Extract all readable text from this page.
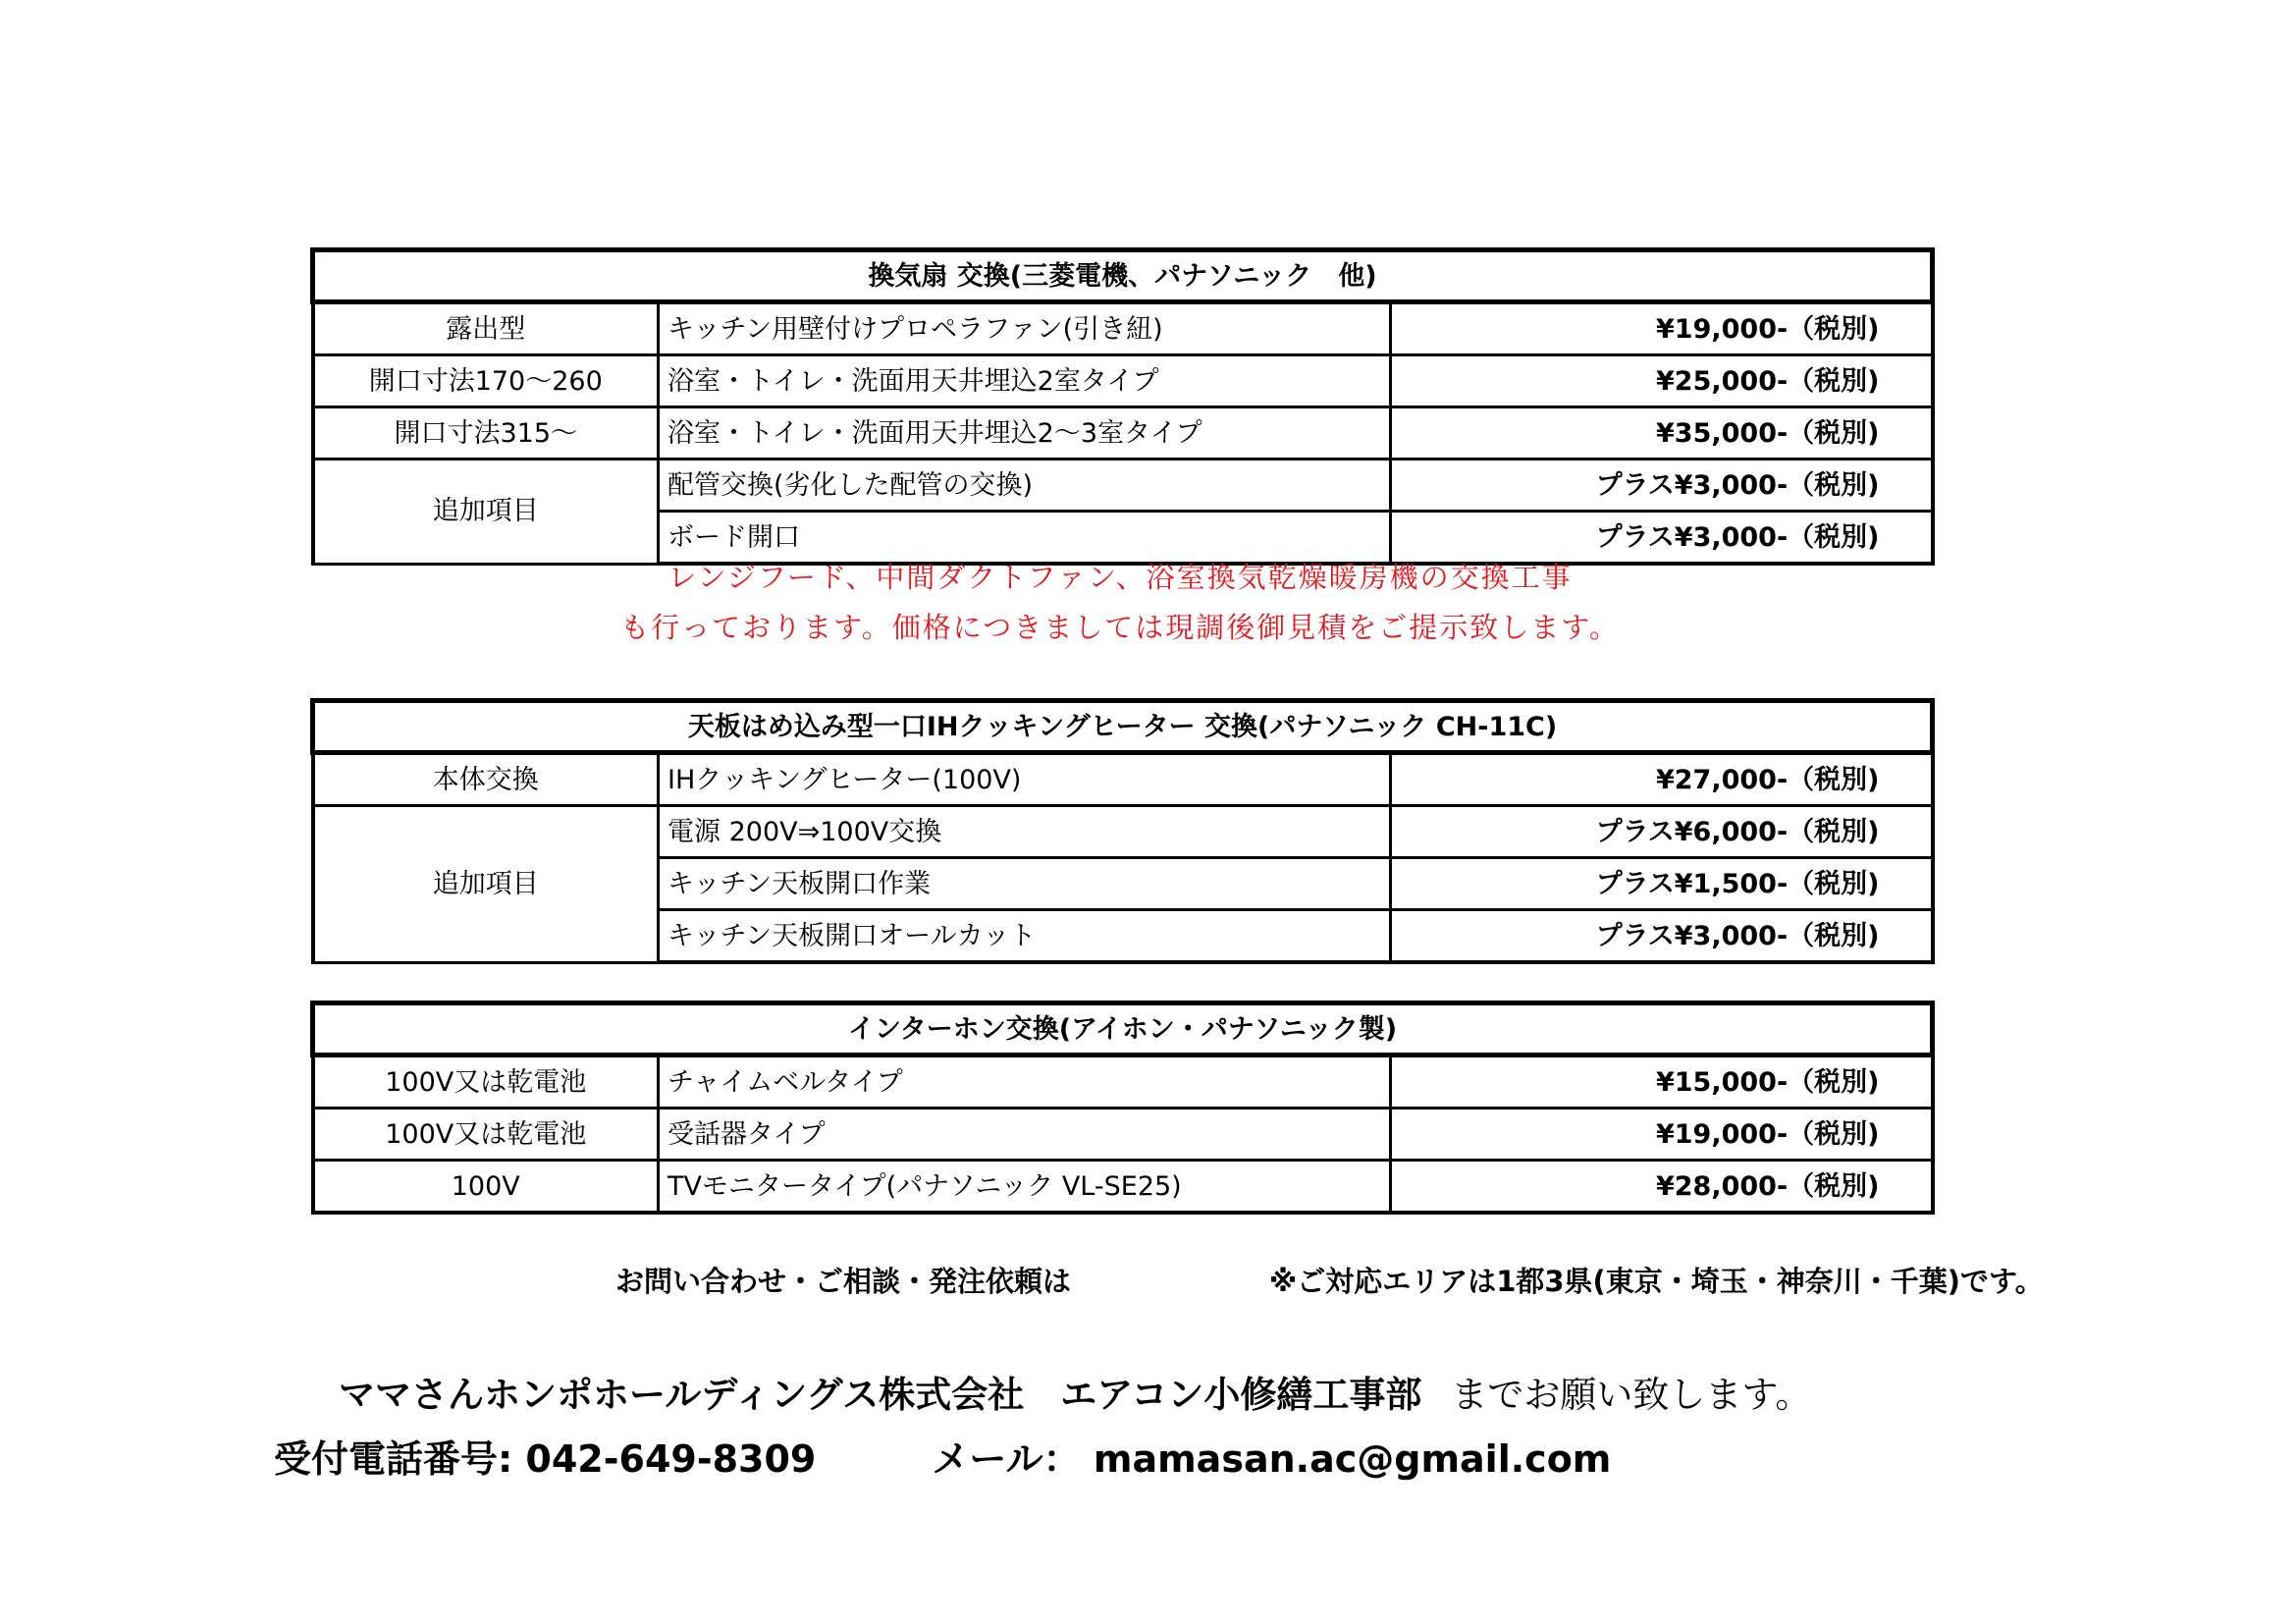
換気扇 交換(三菱電機、パナソニック　他)		
露出型	キッチン用壁付けプロペラファン(引き紐)	¥19,000-（税別)
開口寸法170～260	浴室・トイレ・洗面用天井埋込2室タイプ	¥25,000-（税別)
開口寸法315～	浴室・トイレ・洗面用天井埋込2～3室タイプ	¥35,000-（税別)
追加項目	配管交換(劣化した配管の交換)	プラス¥3,000-（税別)
	ボード開口	プラス¥3,000-（税別)
レンジフード、中間ダクトファン、浴室換気乾燥暖房機の交換工事
も行っております。価格につきましては現調後御見積をご提示致します。
天板はめ込み型一口IHクッキングヒーター 交換(パナソニック CH-11C)		
本体交換	IHクッキングヒーター(100V)	¥27,000-（税別)
追加項目	電源 200V⇒100V交換	プラス¥6,000-（税別)
	キッチン天板開口作業	プラス¥1,500-（税別)
	キッチン天板開口オールカット	プラス¥3,000-（税別)
インターホン交換(アイホン・パナソニック製)		
100V又は乾電池	チャイムベルタイプ	¥15,000-（税別)
100V又は乾電池	受話器タイプ	¥19,000-（税別)
100V	TVモニタータイプ(パナソニック VL-SE25)	¥28,000-（税別)
お問い合わせ・ご相談・発注依頼は	※ご対応エリアは1都3県(東京・埼玉・神奈川・千葉)です。
ママさんホンポホールディングス株式会社　エアコン小修繕工事部 までお願い致します。
受付電話番号: 042-649-8309	メール： mamasan.ac@gmail.com
